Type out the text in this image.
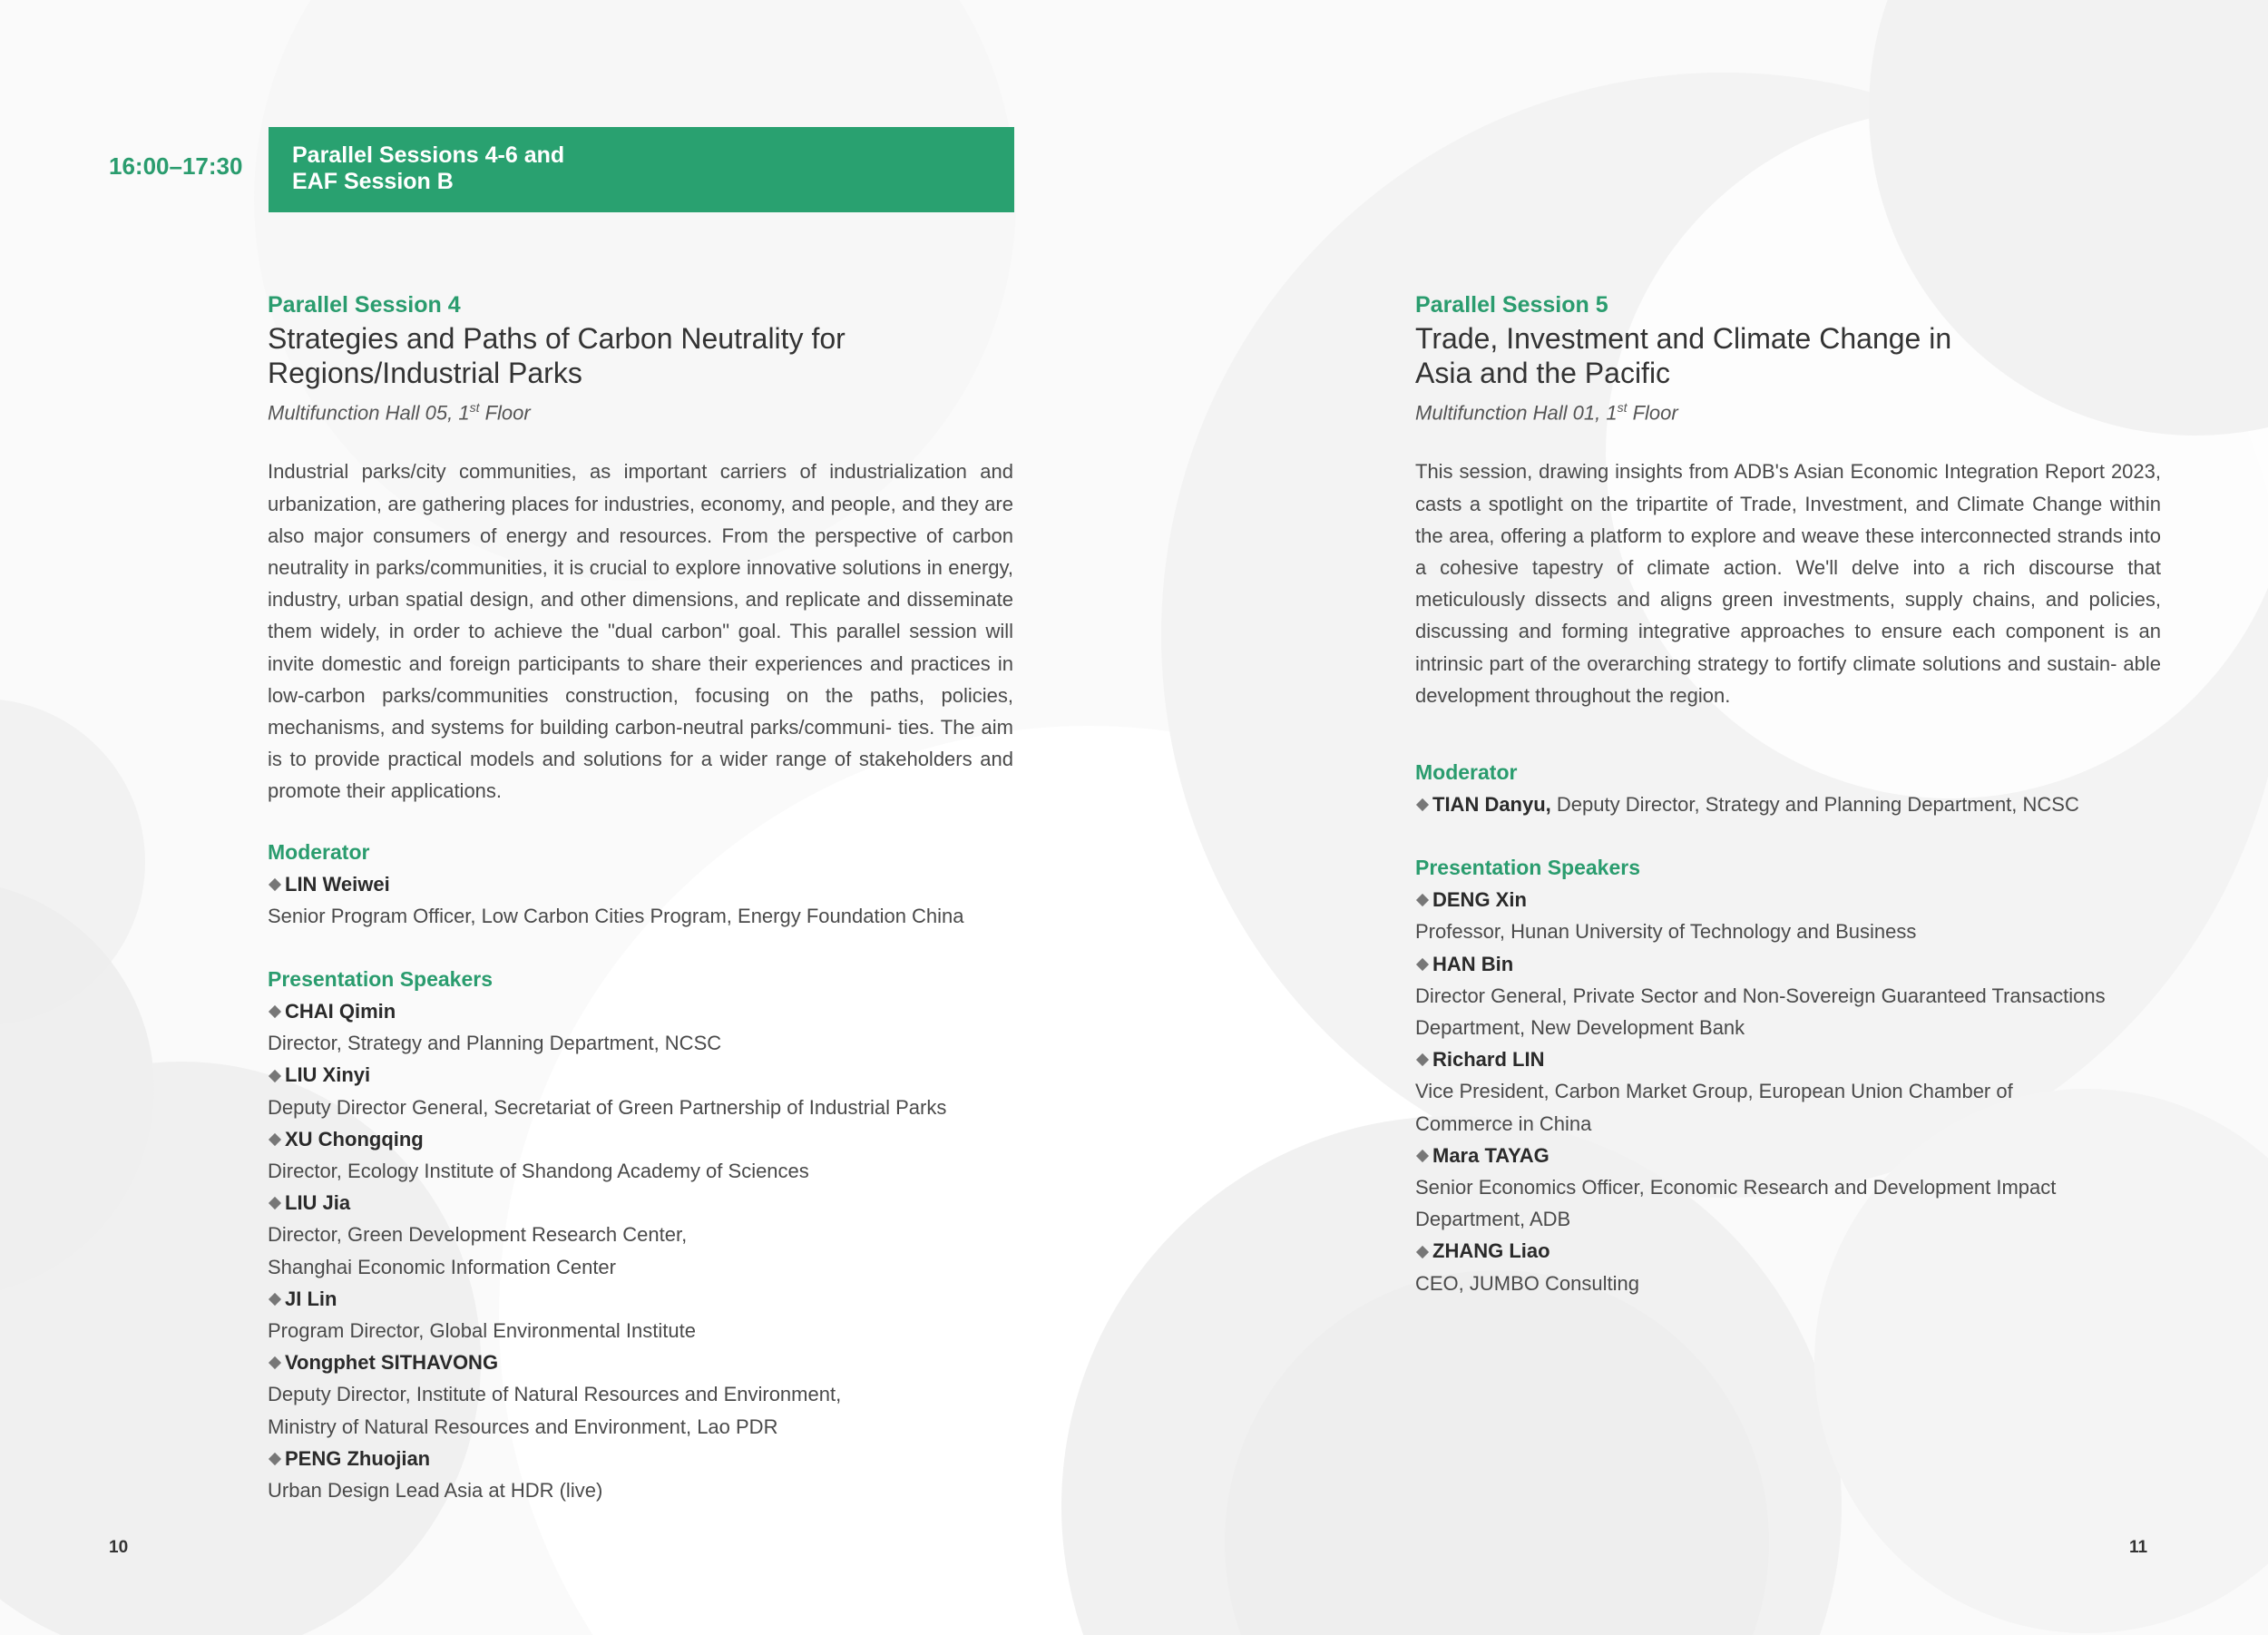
16:00–17:30 Parallel Sessions 4-6 and
EAF Session B
Parallel Session 4
Strategies and Paths of Carbon Neutrality for
Regions/Industrial Parks
Multifunction Hall 05, 1st Floor
Industrial parks/city communities, as important carriers of industrialization and urbanization, are gathering places for industries, economy, and people, and they are also major consumers of energy and resources. From the perspective of carbon neutrality in parks/communities, it is crucial to explore innovative solutions in energy, industry, urban spatial design, and other dimensions, and replicate and disseminate them widely, in order to achieve the "dual carbon" goal. This parallel session will invite domestic and foreign participants to share their experiences and practices in low-carbon parks/communities construction, focusing on the paths, policies, mechanisms, and systems for building carbon-neutral parks/communi- ties. The aim is to provide practical models and solutions for a wider range of stakeholders and promote their applications.
Moderator
LIN Weiwei
Senior Program Officer, Low Carbon Cities Program, Energy Foundation China
Presentation Speakers
CHAI Qimin
Director, Strategy and Planning Department, NCSC
LIU Xinyi
Deputy Director General, Secretariat of Green Partnership of Industrial Parks
XU Chongqing
Director, Ecology Institute of Shandong Academy of Sciences
LIU Jia
Director, Green Development Research Center,
Shanghai Economic Information Center
JI Lin
Program Director, Global Environmental Institute
Vongphet SITHAVONG
Deputy Director, Institute of Natural Resources and Environment,
Ministry of Natural Resources and Environment, Lao PDR
PENG Zhuojian
Urban Design Lead Asia at HDR (live)
Parallel Session 5
Trade, Investment and Climate Change in
Asia and the Pacific
Multifunction Hall 01, 1st Floor
This session, drawing insights from ADB's Asian Economic Integration Report 2023, casts a spotlight on the tripartite of Trade, Investment, and Climate Change within the area, offering a platform to explore and weave these interconnected strands into a cohesive tapestry of climate action. We'll delve into a rich discourse that meticulously dissects and aligns green investments, supply chains, and policies, discussing and forming integrative approaches to ensure each component is an intrinsic part of the overarching strategy to fortify climate solutions and sustain- able development throughout the region.
Moderator
TIAN Danyu, Deputy Director, Strategy and Planning Department, NCSC
Presentation Speakers
DENG Xin
Professor, Hunan University of Technology and Business
HAN Bin
Director General, Private Sector and Non-Sovereign Guaranteed Transactions
Department, New Development Bank
Richard LIN
Vice President, Carbon Market Group, European Union Chamber of
Commerce in China
Mara TAYAG
Senior Economics Officer, Economic Research and Development Impact
Department, ADB
ZHANG Liao
CEO, JUMBO Consulting
10	11
